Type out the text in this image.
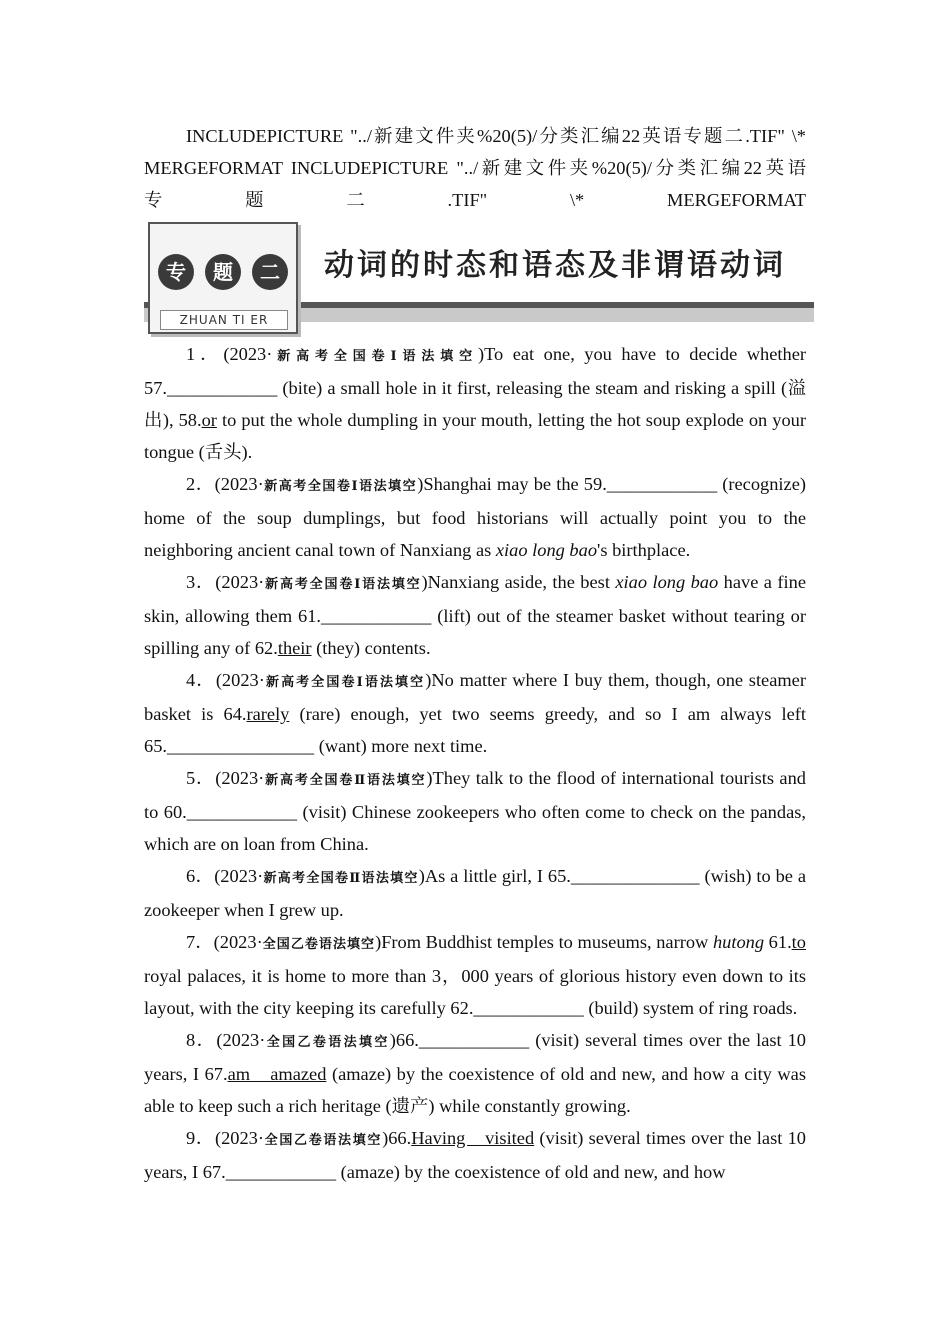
INCLUDEPICTURE "../新建文件夹%20(5)/分类汇编22英语专题二.TIF" \*

MERGEFORMAT INCLUDEPICTURE "../新建文件夹%20(5)/分类汇编22英语

专　　　　题　　　　二　　　　.TIF"　　　　\*　　　　MERGEFORMAT

专	题	二
ZHUAN TI ER
动词的时态和语态及非谓语动词

1．(2023·新高考全国卷Ⅰ语法填空)To eat one, you have to decide whether 57.____________ (bite) a small hole in it first, releasing the steam and risking a spill (溢出), 58.or to put the whole dumpling in your mouth, letting the hot soup explode on your tongue (舌头).

2．(2023·新高考全国卷Ⅰ语法填空)Shanghai may be the 59.____________ (recognize) home of the soup dumplings, but food historians will actually point you to the neighboring ancient canal town of Nanxiang as xiao long bao's birthplace.

3．(2023·新高考全国卷Ⅰ语法填空)Nanxiang aside, the best xiao long bao have a fine skin, allowing them 61.____________ (lift) out of the steamer basket without tearing or spilling any of 62.their (they) contents.

4．(2023·新高考全国卷Ⅰ语法填空)No matter where I buy them, though, one steamer basket is 64.rarely (rare) enough, yet two seems greedy, and so I am always left 65.________________ (want) more next time.

5．(2023·新高考全国卷Ⅱ语法填空)They talk to the flood of international tourists and to 60.____________ (visit) Chinese zookeepers who often come to check on the pandas, which are on loan from China.

6．(2023·新高考全国卷Ⅱ语法填空)As a little girl, I 65.______________ (wish) to be a zookeeper when I grew up.

7．(2023·全国乙卷语法填空)From Buddhist temples to museums, narrow hutong 61.to royal palaces, it is home to more than 3，000 years of glorious history even down to its layout, with the city keeping its carefully 62.____________ (build) system of ring roads.

8．(2023·全国乙卷语法填空)66.____________ (visit) several times over the last 10 years, I 67.am　amazed (amaze) by the coexistence of old and new, and how a city was able to keep such a rich heritage (遗产) while constantly growing.

9．(2023·全国乙卷语法填空)66.Having　visited (visit) several times over the last 10 years, I 67.____________ (amaze) by the coexistence of old and new, and how
